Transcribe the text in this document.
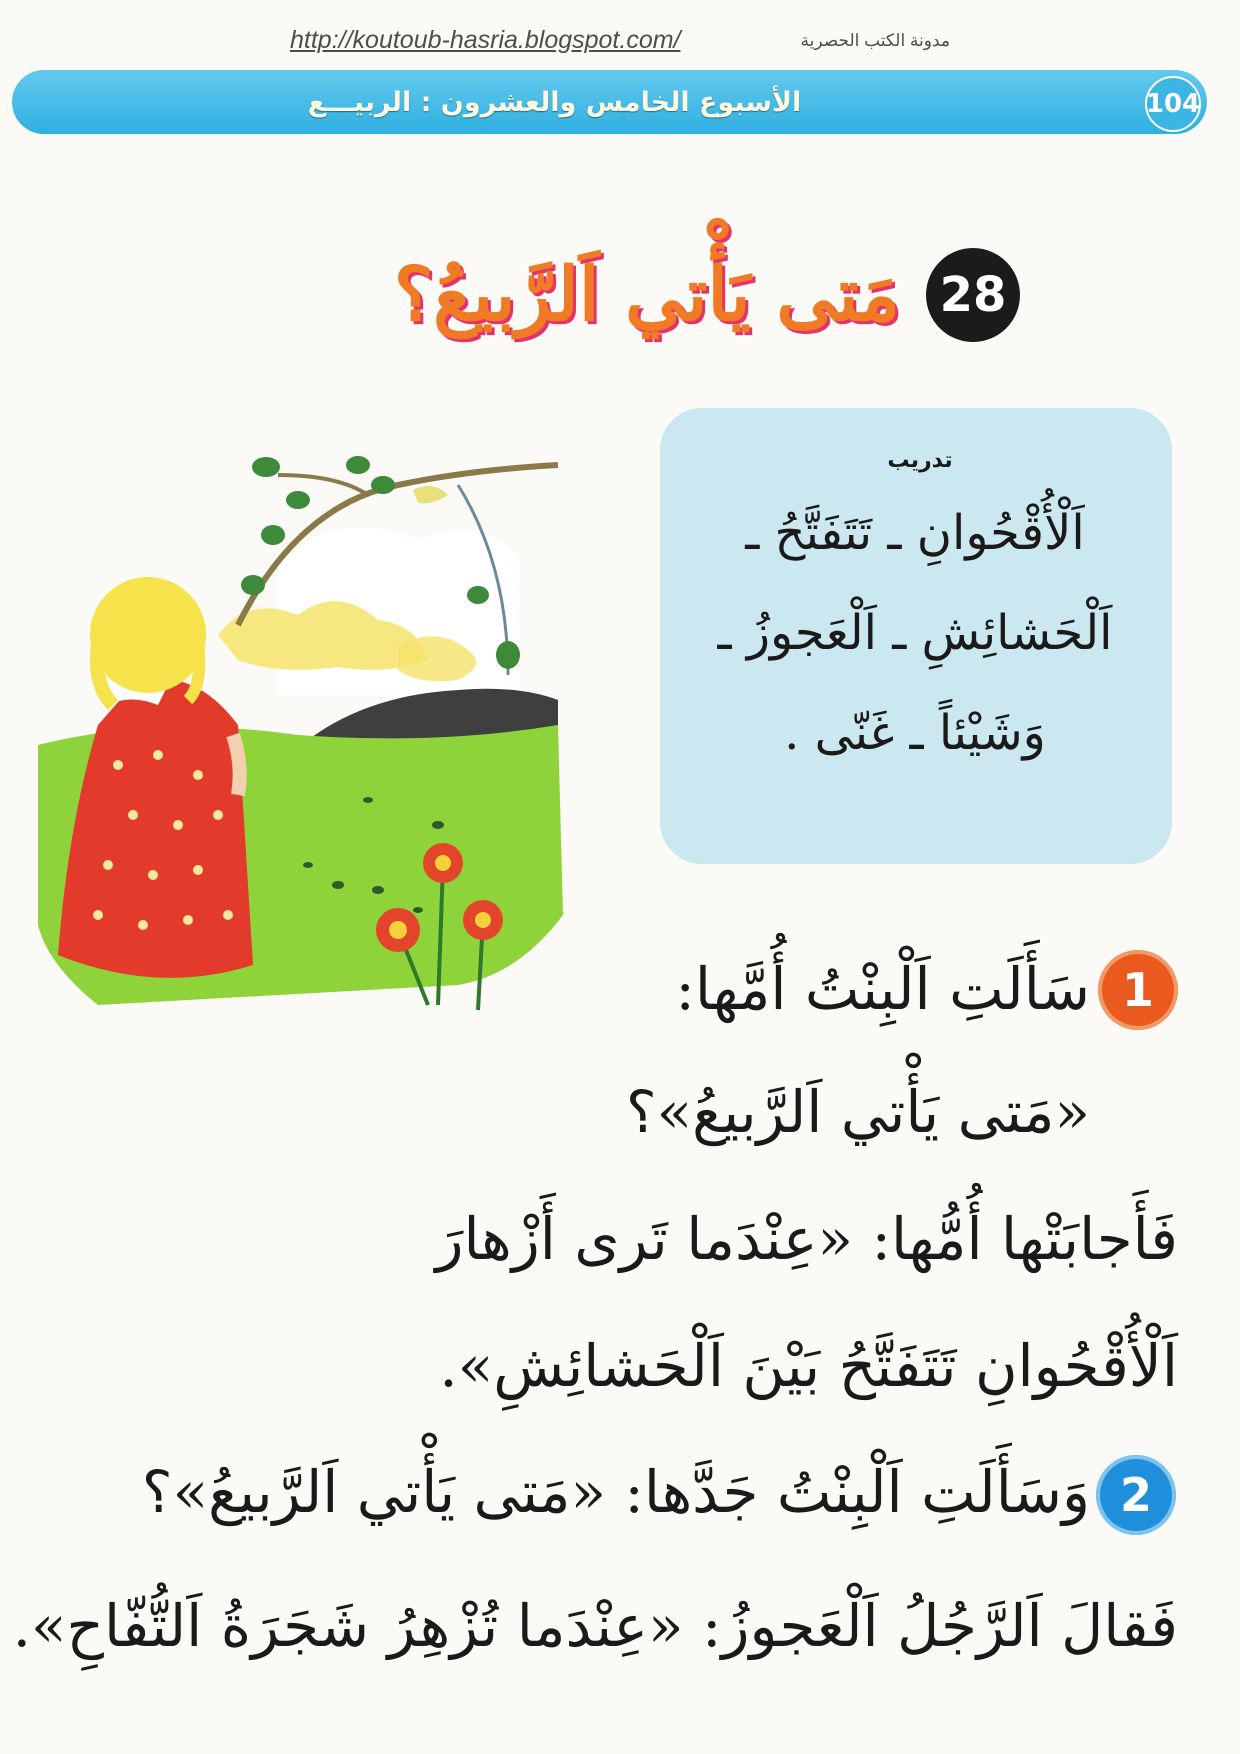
http://koutoub-hasria.blogspot.com/	مدونة الكتب الحصرية
الأسبوع الخامس والعشرون : الربيـــع	104
28
مَتى يَأْتي اَلرَّبيعُ؟
تدريب
اَلْأُقْحُوانِ ـ تَتَفَتَّحُ ـ
اَلْحَشائِشِ ـ اَلْعَجوزُ ـ
وَشَيْئاً ـ غَنّى .
1
سَأَلَتِ اَلْبِنْتُ أُمَّها:
«مَتى يَأْتي اَلرَّبيعُ»؟
فَأَجابَتْها أُمُّها: «عِنْدَما تَرى أَزْهارَ
اَلْأُقْحُوانِ تَتَفَتَّحُ بَيْنَ اَلْحَشائِشِ».
2
وَسَأَلَتِ اَلْبِنْتُ جَدَّها: «مَتى يَأْتي اَلرَّبيعُ»؟
فَقالَ اَلرَّجُلُ اَلْعَجوزُ: «عِنْدَما تُزْهِرُ شَجَرَةُ اَلتُّفّاحِ».
